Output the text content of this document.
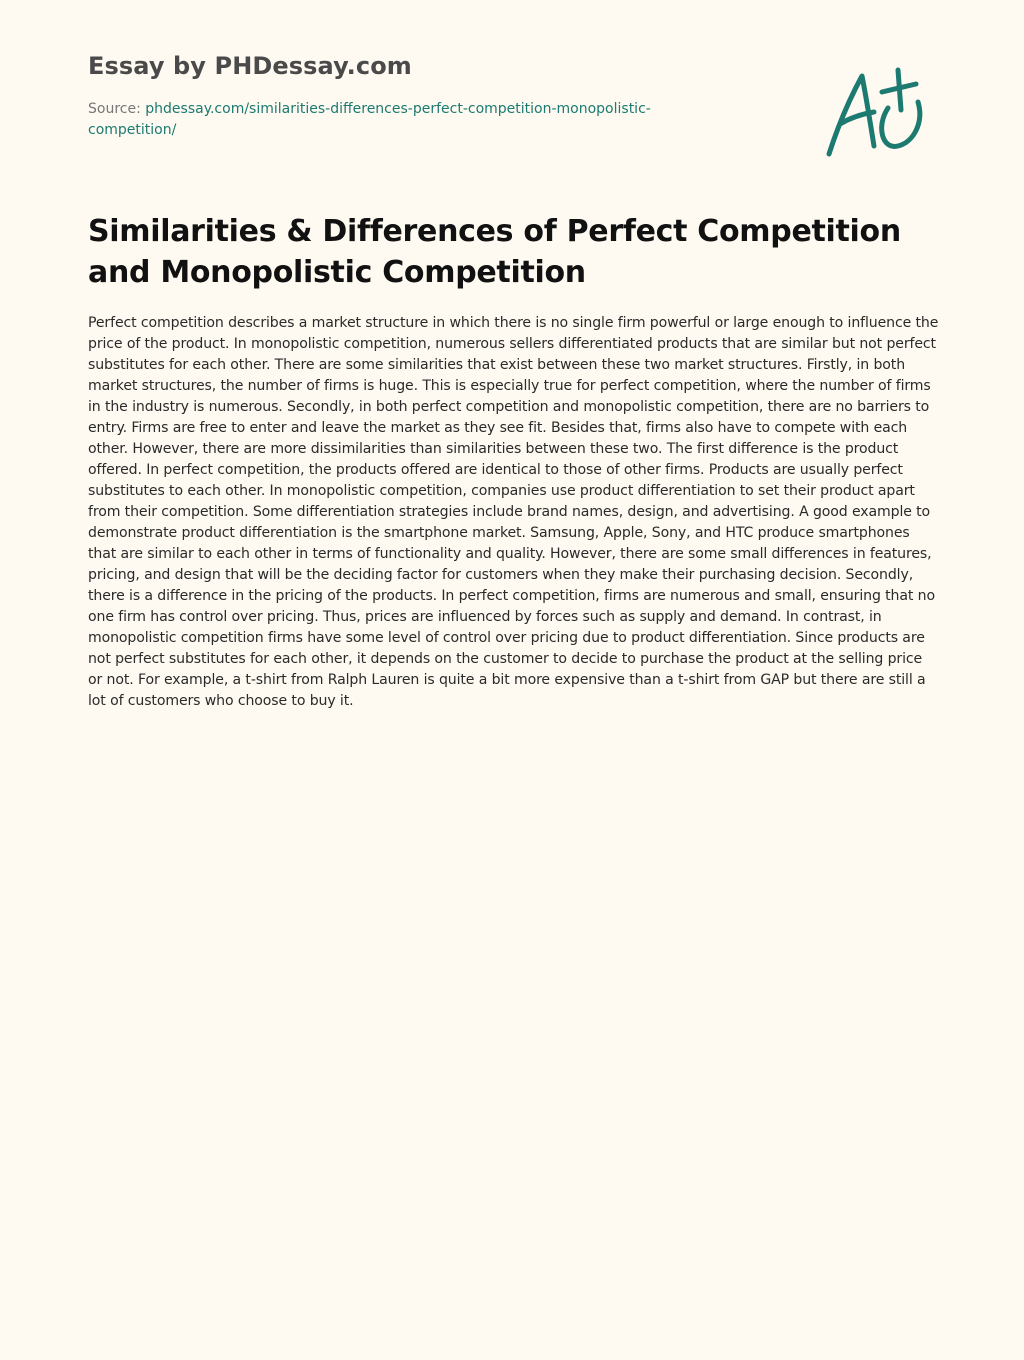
Essay by PHDessay.com
Source: phdessay.com/similarities-differences-perfect-competition-monopolistic-competition/
Similarities & Differences of Perfect Competition and Monopolistic Competition

Perfect competition describes a market structure in which there is no single firm powerful or large enough to influence the price of the product. In monopolistic competition, numerous sellers differentiated products that are similar but not perfect substitutes for each other. There are some similarities that exist between these two market structures. Firstly, in both market structures, the number of firms is huge. This is especially true for perfect competition, where the number of firms in the industry is numerous. Secondly, in both perfect competition and monopolistic competition, there are no barriers to entry. Firms are free to enter and leave the market as they see fit. Besides that, firms also have to compete with each other. However, there are more dissimilarities than similarities between these two. The first difference is the product offered. In perfect competition, the products offered are identical to those of other firms. Products are usually perfect substitutes to each other. In monopolistic competition, companies use product differentiation to set their product apart from their competition. Some differentiation strategies include brand names, design, and advertising. A good example to demonstrate product differentiation is the smartphone market. Samsung, Apple, Sony, and HTC produce smartphones that are similar to each other in terms of functionality and quality. However, there are some small differences in features, pricing, and design that will be the deciding factor for customers when they make their purchasing decision. Secondly, there is a difference in the pricing of the products. In perfect competition, firms are numerous and small, ensuring that no one firm has control over pricing. Thus, prices are influenced by forces such as supply and demand. In contrast, in monopolistic competition firms have some level of control over pricing due to product differentiation. Since products are not perfect substitutes for each other, it depends on the customer to decide to purchase the product at the selling price or not. For example, a t-shirt from Ralph Lauren is quite a bit more expensive than a t-shirt from GAP but there are still a lot of customers who choose to buy it.
